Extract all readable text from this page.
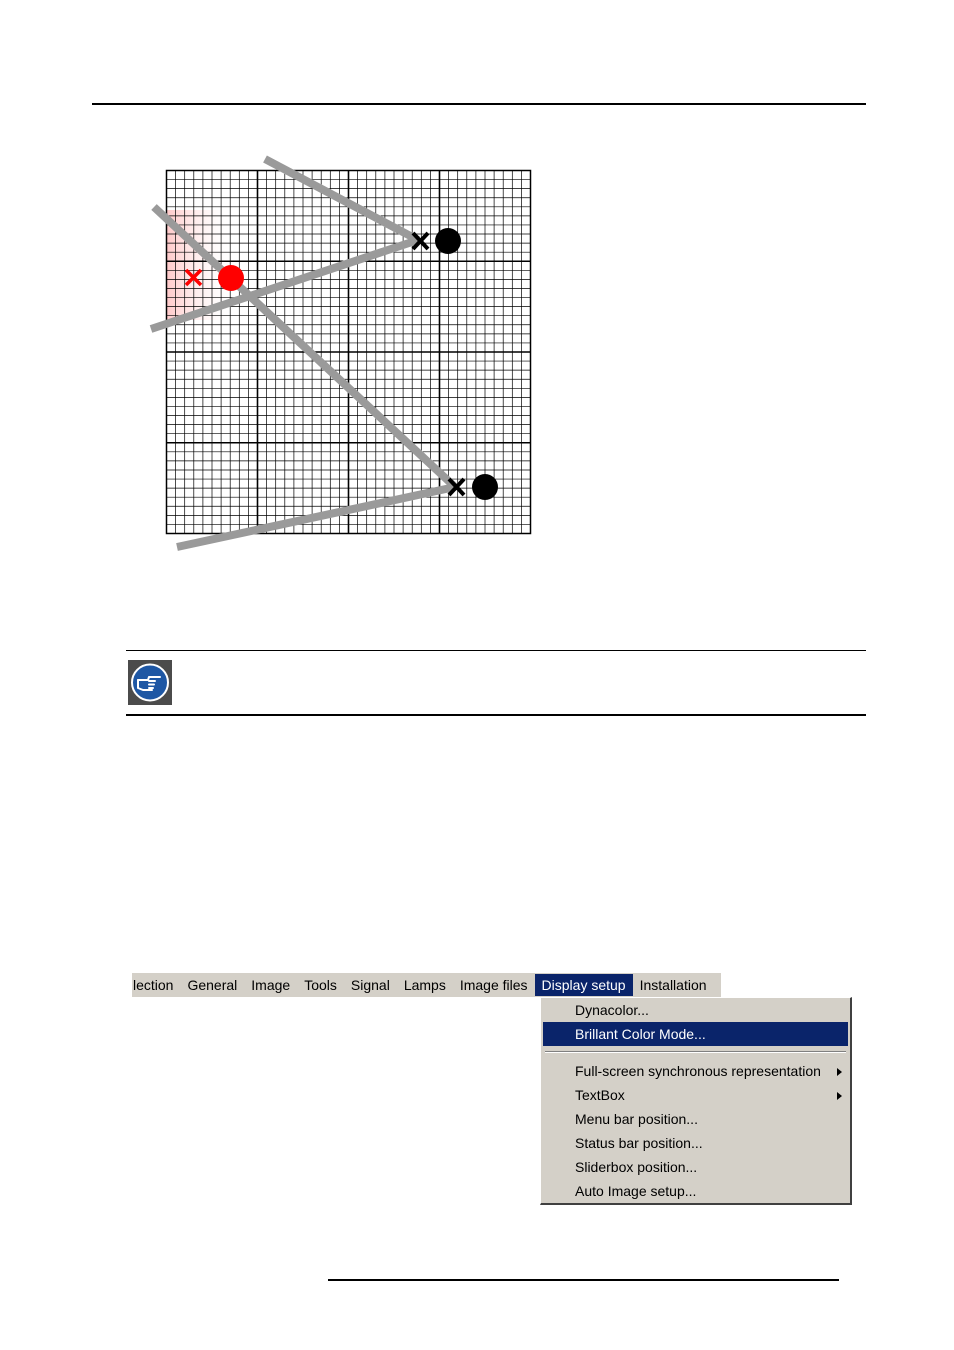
lection	General	Image	Tools	Signal	Lamps	Image files	Display setup	Installation
Dynacolor...
Brillant Color Mode...
Full-screen synchronous representation
TextBox
Menu bar position...
Status bar position...
Sliderbox position...
Auto Image setup...
